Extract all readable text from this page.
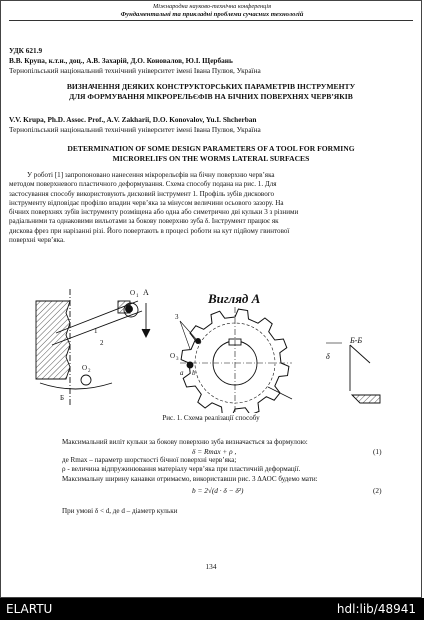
Міжнародна науково-технічна конференція
Фундаментальні та прикладні проблеми сучасних технологій
УДК 621.9
В.В. Крупа, к.т.н., доц., А.В. Захарій, Д.О. Коновалов, Ю.І. Щербань
Тернопільський національний технічний університет імені Івана Пулюя, Україна
ВИЗНАЧЕННЯ ДЕЯКИХ КОНСТРУКТОРСЬКИХ ПАРАМЕТРІВ ІНСТРУМЕНТУ
ДЛЯ ФОРМУВАННЯ МІКРОРЕЛЬЄФІВ НА БІЧНИХ ПОВЕРХНЯХ ЧЕРВ’ЯКІВ
V.V. Krupa, Ph.D. Assoc. Prof., A.V. Zakharii, D.O. Konovalov, Yu.I. Shcherban
Тернопільський національний технічний університет імені Івана Пулюя, Україна
DETERMINATION OF SOME DESIGN PARAMETERS OF A TOOL FOR FORMING
MICRORELIFS ON THE WORMS LATERAL SURFACES
У роботі [1] запропоновано нанесення мікрорельєфів на бічну поверхню черв’яка
методом поверхневого пластичного деформування. Схема способу подана на рис. 1. Для
застосування способу використовують дисковий інструмент 1. Профіль зубів дискового
інструменту відповідає профілю впадин черв’яка за мінусом величини осьового зазору. На
бічних поверхнях зубів інструменту розміщена або одна або симетрично дві кульки 3 з різними
радіальними та однаковими вильотами за бокову поверхню зуба δ. Інструмент працює як
дискова фрез при нарізанні різі. Його повертають в процесі роботи на кут підйому гвинтової
поверхні черв’яка.
А
O 1
1
2
O 2
Б
Вигляд А
3
O 3
a b
Б-Б
δ
Рис. 1. Схема реалізації способу
Максимальний виліт кульки за бокову поверхню зуба визначається за формулою:
δ = Rmax + ρ ,	(1)
де Rmax – параметр шорсткості бічної поверхні черв’яка;
ρ - величина відпружинювання матеріалу черв’яка при пластичній деформації.
Максимальну ширину канавки отримаємо, використавши рис. 3 ΔАОС будемо мати:
b = 2√(d · δ − δ²)	(2)
При умові δ < d, де d – діаметр кульки
134
ELARTU	hdl:lib/48941
